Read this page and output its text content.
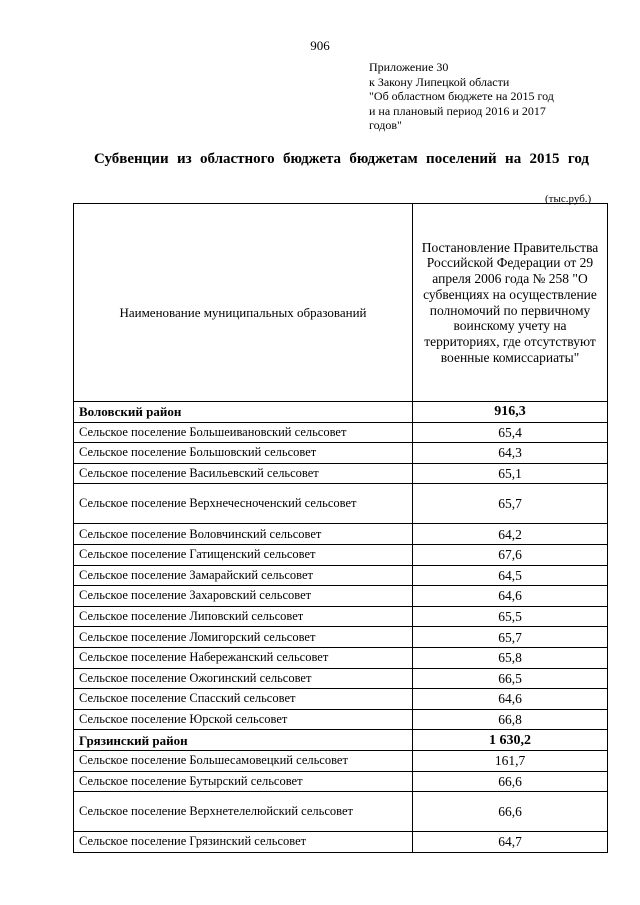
906
Приложение 30
к Закону Липецкой области
"Об областном бюджете на 2015 год
и на плановый период 2016 и 2017
годов"
Субвенции из областного бюджета бюджетам поселений на 2015 год
(тыс.руб.)
Наименование муниципальных образований	Постановление Правительства Российской Федерации от 29 апреля 2006 года № 258 "О субвенциях на осуществление полномочий по первичному воинскому учету на территориях, где отсутствуют военные комиссариаты"
Воловский район	916,3
Сельское поселение Большеивановский сельсовет	65,4
Сельское поселение Большовский сельсовет	64,3
Сельское поселение Васильевский сельсовет	65,1
Сельское поселение Верхнечесноченский сельсовет	65,7
Сельское поселение Воловчинский сельсовет	64,2
Сельское поселение Гатищенский сельсовет	67,6
Сельское поселение Замарайский сельсовет	64,5
Сельское поселение Захаровский сельсовет	64,6
Сельское поселение Липовский сельсовет	65,5
Сельское поселение Ломигорский сельсовет	65,7
Сельское поселение Набережанский сельсовет	65,8
Сельское поселение Ожогинский сельсовет	66,5
Сельское поселение Спасский сельсовет	64,6
Сельское поселение Юрской сельсовет	66,8
Грязинский район	1 630,2
Сельское поселение Большесамовецкий сельсовет	161,7
Сельское поселение Бутырский сельсовет	66,6
Сельское поселение Верхнетелелюйский сельсовет	66,6
Сельское поселение Грязинский сельсовет	64,7
